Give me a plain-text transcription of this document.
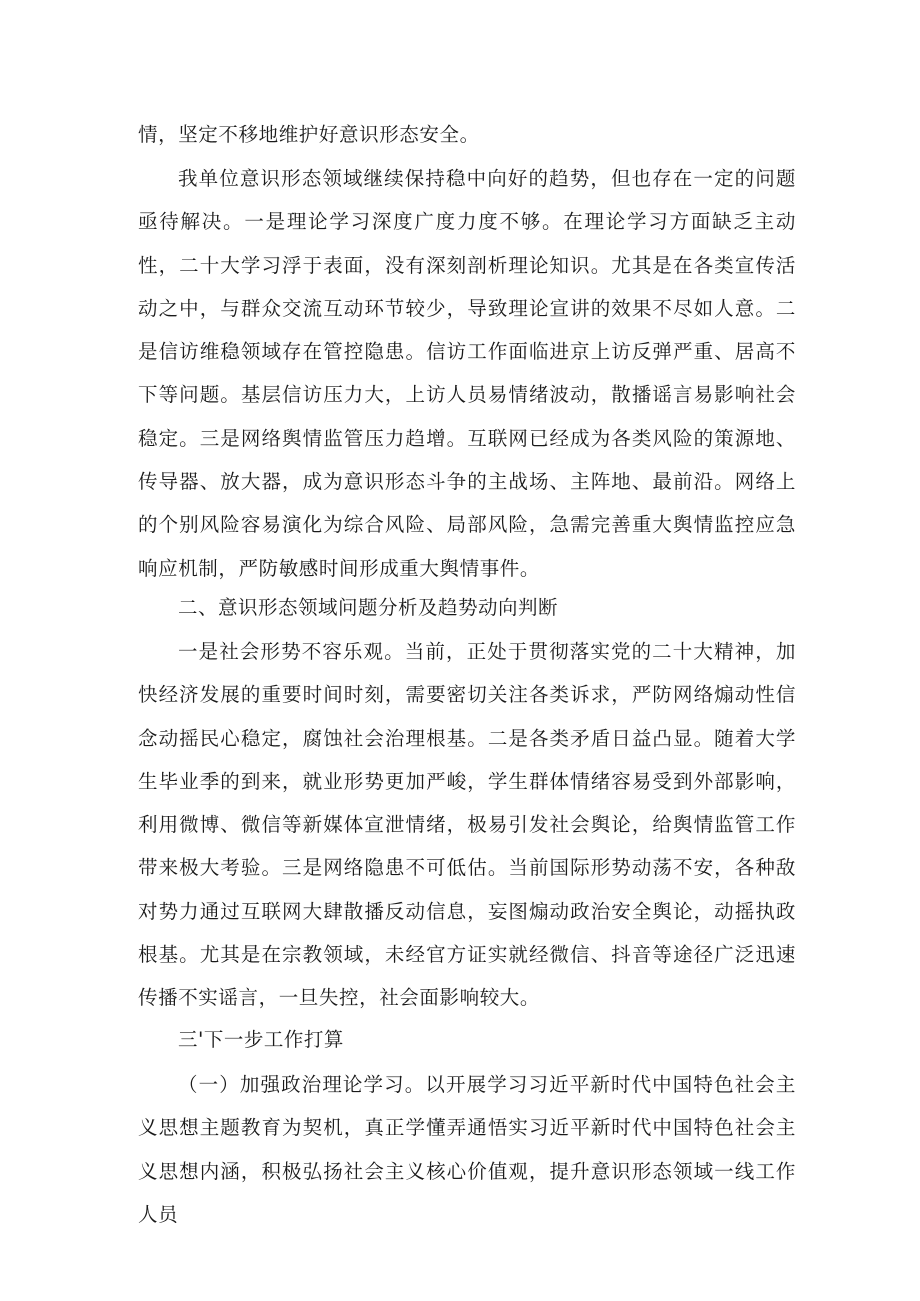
情，坚定不移地维护好意识形态安全。

我单位意识形态领域继续保持稳中向好的趋势，但也存在一定的问题亟待解决。一是理论学习深度广度力度不够。在理论学习方面缺乏主动性，二十大学习浮于表面，没有深刻剖析理论知识。尤其是在各类宣传活动之中，与群众交流互动环节较少，导致理论宣讲的效果不尽如人意。二是信访维稳领域存在管控隐患。信访工作面临进京上访反弹严重、居高不下等问题。基层信访压力大，上访人员易情绪波动，散播谣言易影响社会稳定。三是网络舆情监管压力趋增。互联网已经成为各类风险的策源地、传导器、放大器，成为意识形态斗争的主战场、主阵地、最前沿。网络上的个别风险容易演化为综合风险、局部风险，急需完善重大舆情监控应急响应机制，严防敏感时间形成重大舆情事件。

二、意识形态领域问题分析及趋势动向判断

一是社会形势不容乐观。当前，正处于贯彻落实党的二十大精神，加快经济发展的重要时间时刻，需要密切关注各类诉求，严防网络煽动性信念动摇民心稳定，腐蚀社会治理根基。二是各类矛盾日益凸显。随着大学生毕业季的到来，就业形势更加严峻，学生群体情绪容易受到外部影响，利用微博、微信等新媒体宣泄情绪，极易引发社会舆论，给舆情监管工作带来极大考验。三是网络隐患不可低估。当前国际形势动荡不安，各种敌对势力通过互联网大肆散播反动信息，妄图煽动政治安全舆论，动摇执政根基。尤其是在宗教领域，未经官方证实就经微信、抖音等途径广泛迅速传播不实谣言，一旦失控，社会面影响较大。

三'下一步工作打算

（一）加强政治理论学习。以开展学习习近平新时代中国特色社会主义思想主题教育为契机，真正学懂弄通悟实习近平新时代中国特色社会主义思想内涵，积极弘扬社会主义核心价值观，提升意识形态领域一线工作人员
